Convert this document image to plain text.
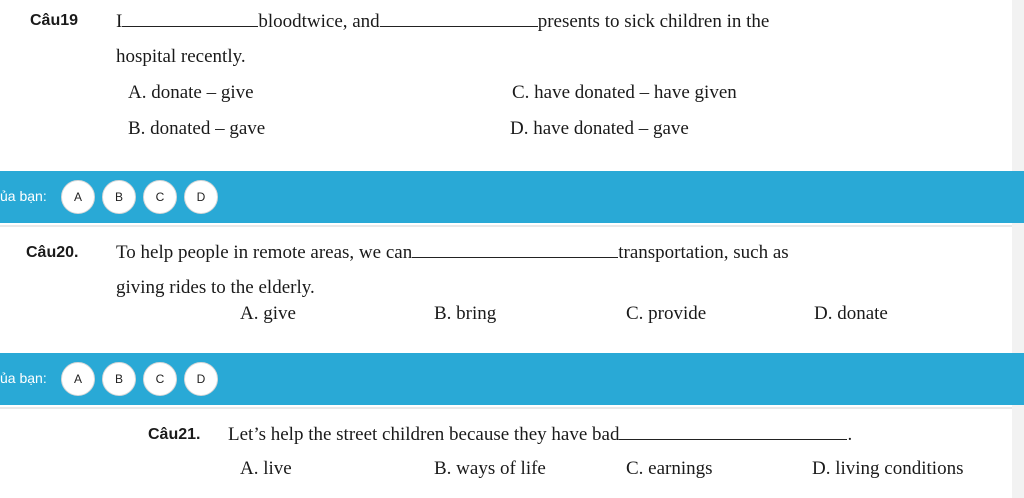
Câu19 I	bloodtwice, and	presents to sick children in the
hospital recently.
A. donate – give	C. have donated – have given
B. donated – gave	D. have donated – gave
ủa bạn:	A	B	C	D
Câu20. To help people in remote areas, we can	transportation, such as
giving rides to the elderly.
A. give	B. bring	C. provide	D. donate
ủa bạn:	A	B	C	D
Câu21. Let’s help the street children because they have bad	.
A. live	B. ways of life	C. earnings	D. living conditions
